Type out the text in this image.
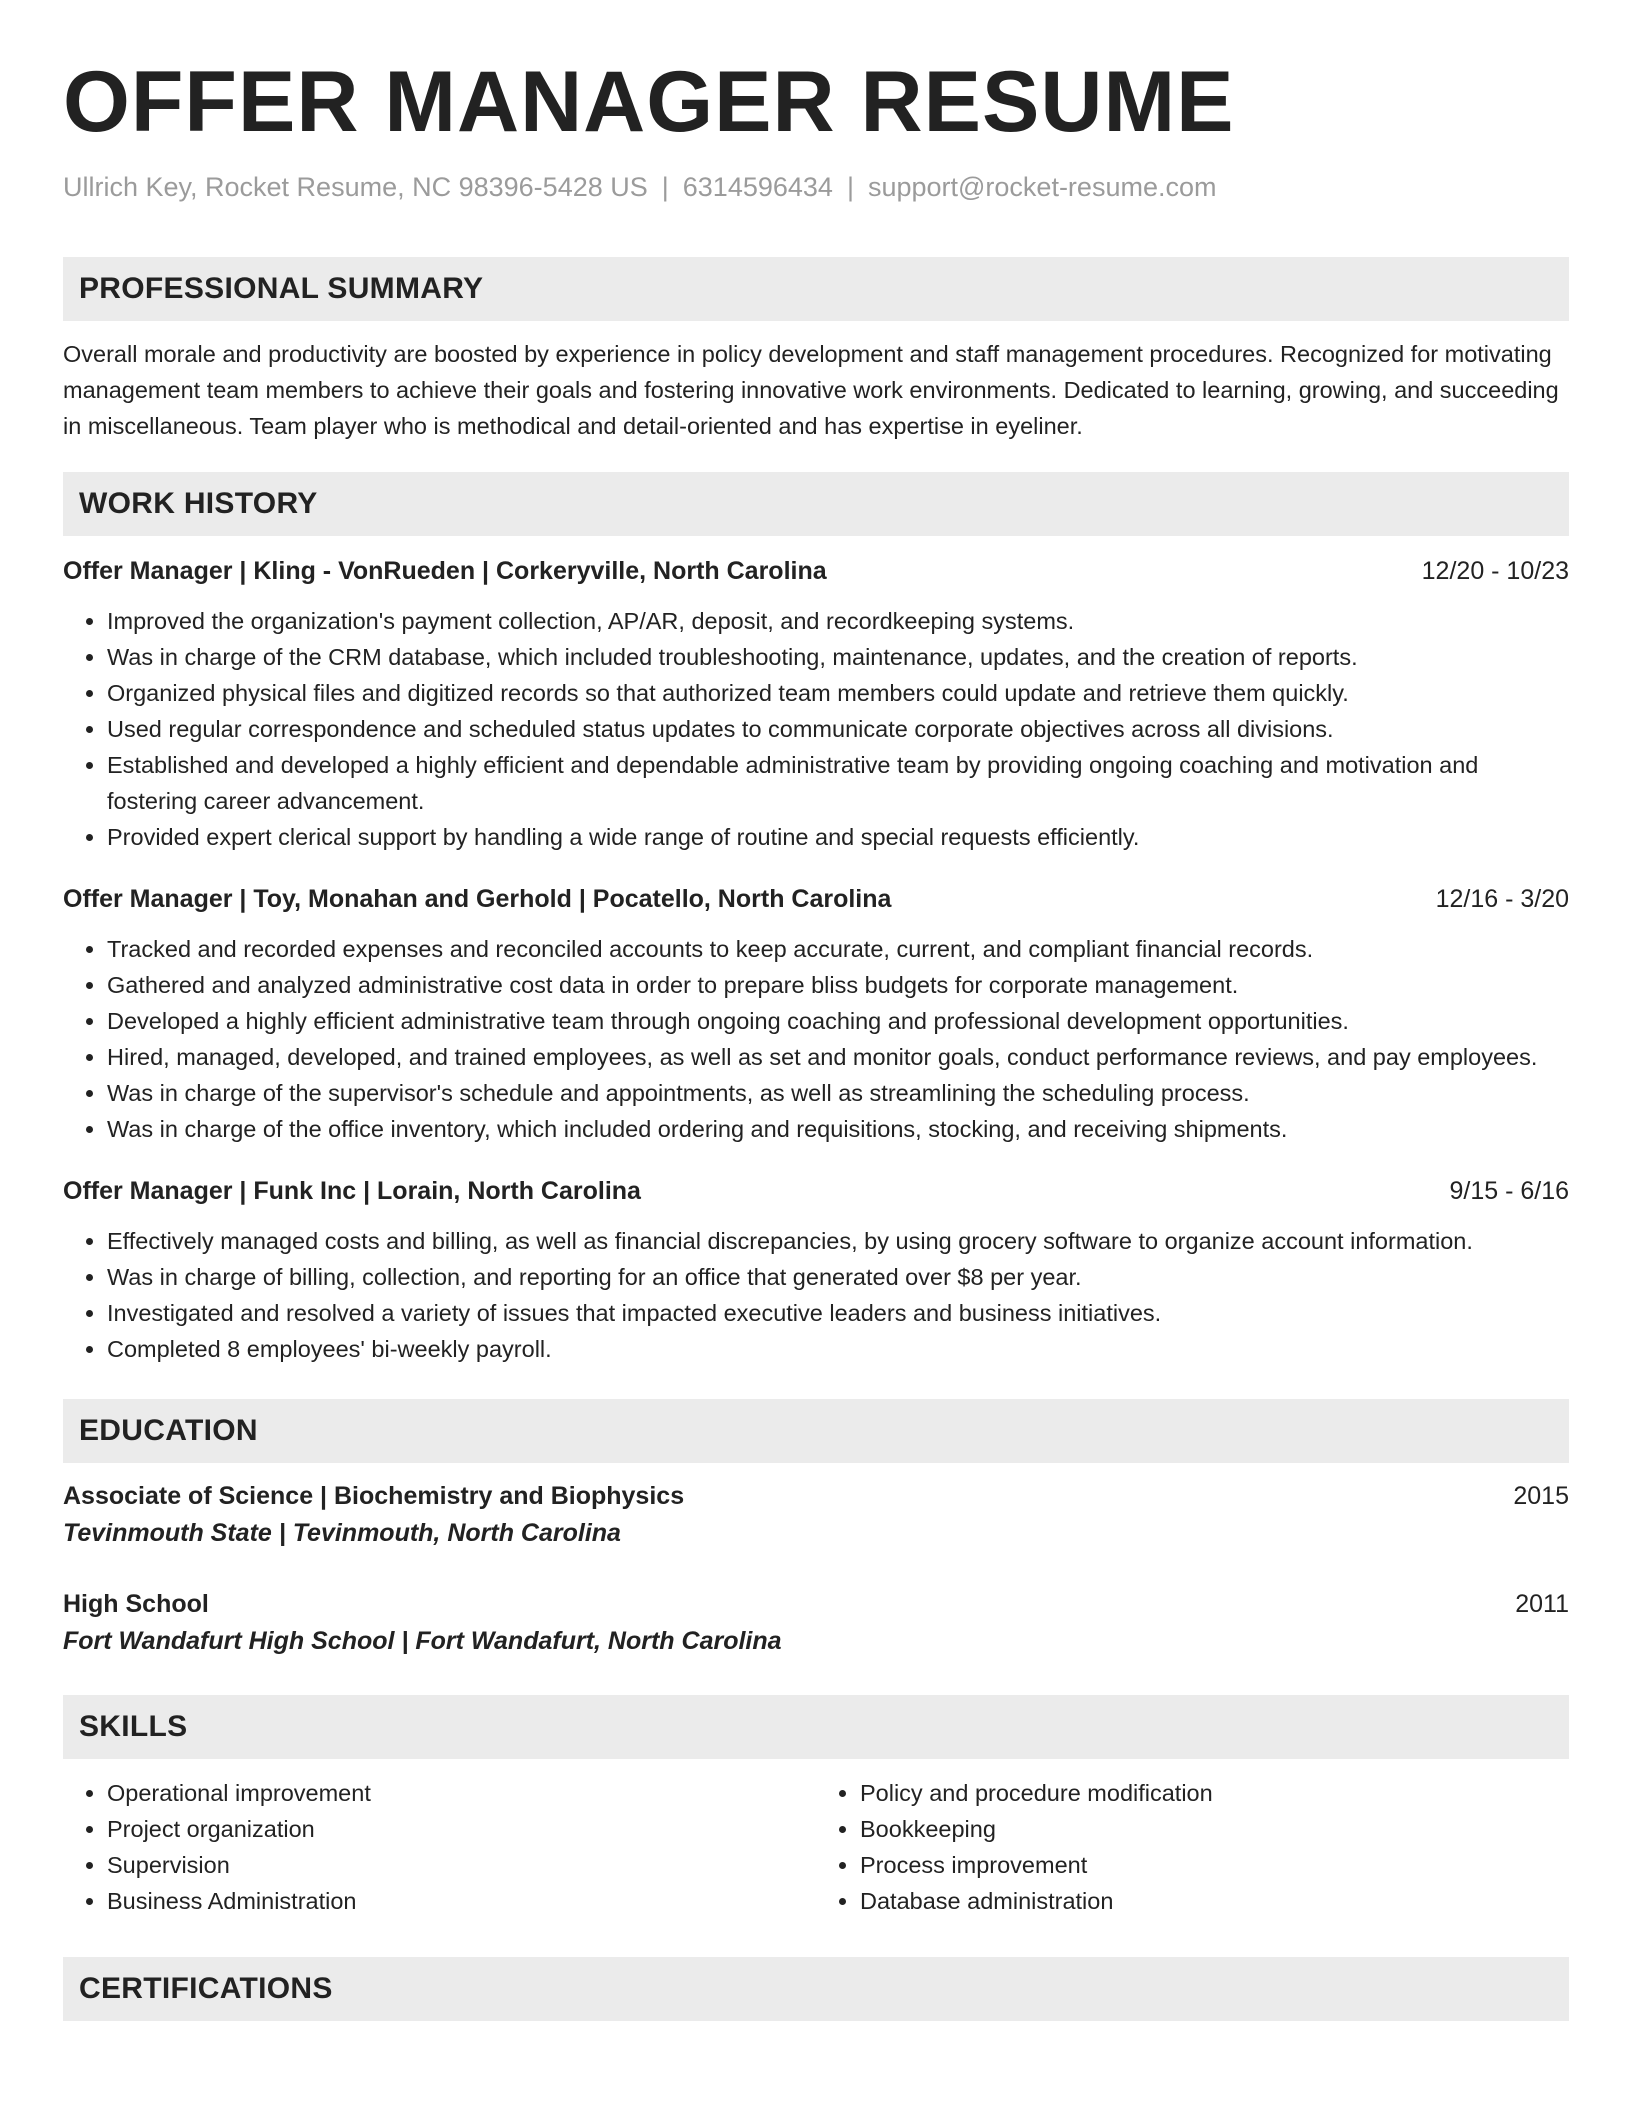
OFFER MANAGER RESUME
Ullrich Key, Rocket Resume, NC 98396-5428 US | 6314596434 | support@rocket-resume.com
PROFESSIONAL SUMMARY
Overall morale and productivity are boosted by experience in policy development and staff management procedures. Recognized for motivating management team members to achieve their goals and fostering innovative work environments. Dedicated to learning, growing, and succeeding in miscellaneous. Team player who is methodical and detail-oriented and has expertise in eyeliner.
WORK HISTORY
Offer Manager | Kling - VonRueden | Corkeryville, North Carolina	12/20 - 10/23
• Improved the organization's payment collection, AP/AR, deposit, and recordkeeping systems.
• Was in charge of the CRM database, which included troubleshooting, maintenance, updates, and the creation of reports.
• Organized physical files and digitized records so that authorized team members could update and retrieve them quickly.
• Used regular correspondence and scheduled status updates to communicate corporate objectives across all divisions.
• Established and developed a highly efficient and dependable administrative team by providing ongoing coaching and motivation and fostering career advancement.
• Provided expert clerical support by handling a wide range of routine and special requests efficiently.
Offer Manager | Toy, Monahan and Gerhold | Pocatello, North Carolina	12/16 - 3/20
• Tracked and recorded expenses and reconciled accounts to keep accurate, current, and compliant financial records.
• Gathered and analyzed administrative cost data in order to prepare bliss budgets for corporate management.
• Developed a highly efficient administrative team through ongoing coaching and professional development opportunities.
• Hired, managed, developed, and trained employees, as well as set and monitor goals, conduct performance reviews, and pay employees.
• Was in charge of the supervisor's schedule and appointments, as well as streamlining the scheduling process.
• Was in charge of the office inventory, which included ordering and requisitions, stocking, and receiving shipments.
Offer Manager | Funk Inc | Lorain, North Carolina	9/15 - 6/16
• Effectively managed costs and billing, as well as financial discrepancies, by using grocery software to organize account information.
• Was in charge of billing, collection, and reporting for an office that generated over $8 per year.
• Investigated and resolved a variety of issues that impacted executive leaders and business initiatives.
• Completed 8 employees' bi-weekly payroll.
EDUCATION
Associate of Science | Biochemistry and Biophysics	2015
Tevinmouth State | Tevinmouth, North Carolina
High School	2011
Fort Wandafurt High School | Fort Wandafurt, North Carolina
SKILLS
• Operational improvement
• Project organization
• Supervision
• Business Administration
• Policy and procedure modification
• Bookkeeping
• Process improvement
• Database administration
CERTIFICATIONS
